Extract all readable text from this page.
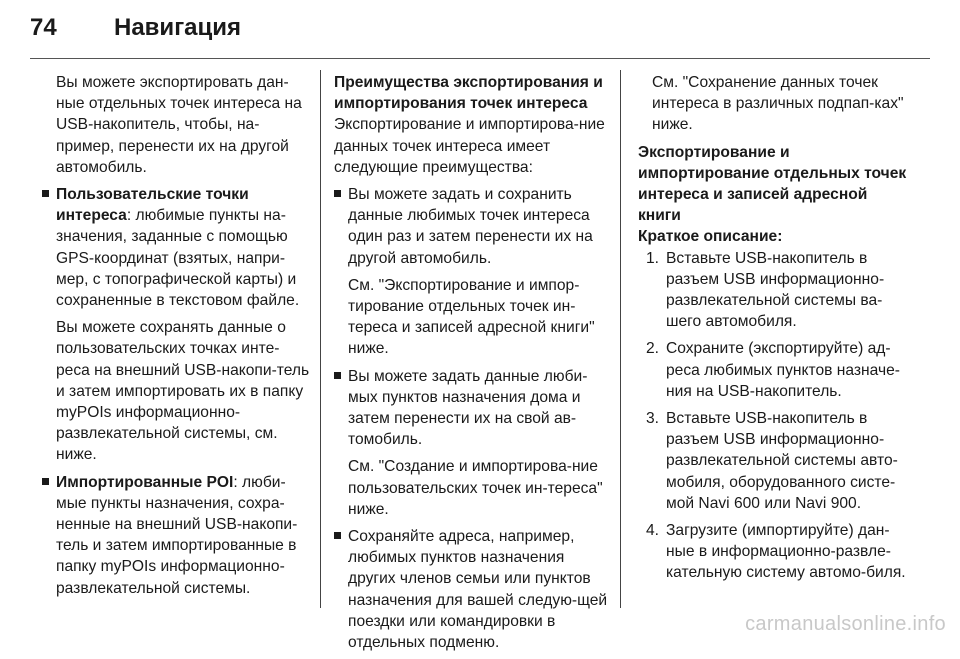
74 Навигация

Вы можете экспортировать дан-ные отдельных точек интереса на USB-накопитель, чтобы, на-пример, перенести их на другой автомобиль.

Пользовательские точки интереса: любимые пункты на-значения, заданные с помощью GPS-координат (взятых, напри-мер, с топографической карты) и сохраненные в текстовом файле.

Вы можете сохранять данные о пользовательских точках инте-реса на внешний USB-накопи-тель и затем импортировать их в папку myPOIs информационно-развлекательной системы, см. ниже.

Импортированные POI: люби-мые пункты назначения, сохра-ненные на внешний USB-накопи-тель и затем импортированные в папку myPOIs информационно-развлекательной системы.

Преимущества экспортирования и импортирования точек интереса

Экспортирование и импортирова-ние данных точек интереса имеет следующие преимущества:

Вы можете задать и сохранить данные любимых точек интереса один раз и затем перенести их на другой автомобиль.

См. "Экспортирование и импор-тирование отдельных точек ин-тереса и записей адресной книги" ниже.

Вы можете задать данные люби-мых пунктов назначения дома и затем перенести их на свой ав-томобиль.

См. "Создание и импортирова-ние пользовательских точек ин-тереса" ниже.

Сохраняйте адреса, например, любимых пунктов назначения других членов семьи или пунктов назначения для вашей следую-щей поездки или командировки в отдельных подменю.

См. "Сохранение данных точек интереса в различных подпап-ках" ниже.

Экспортирование и импортирование отдельных точек интереса и записей адресной книги

Краткое описание:

1. Вставьте USB-накопитель в разъем USB информационно-развлекательной системы ва-шего автомобиля.

2. Сохраните (экспортируйте) ад-реса любимых пунктов назначе-ния на USB-накопитель.

3. Вставьте USB-накопитель в разъем USB информационно-развлекательной системы авто-мобиля, оборудованного систе-мой Navi 600 или Navi 900.

4. Загрузите (импортируйте) дан-ные в информационно-развле-кательную систему автомо-биля.

carmanualsonline.info
